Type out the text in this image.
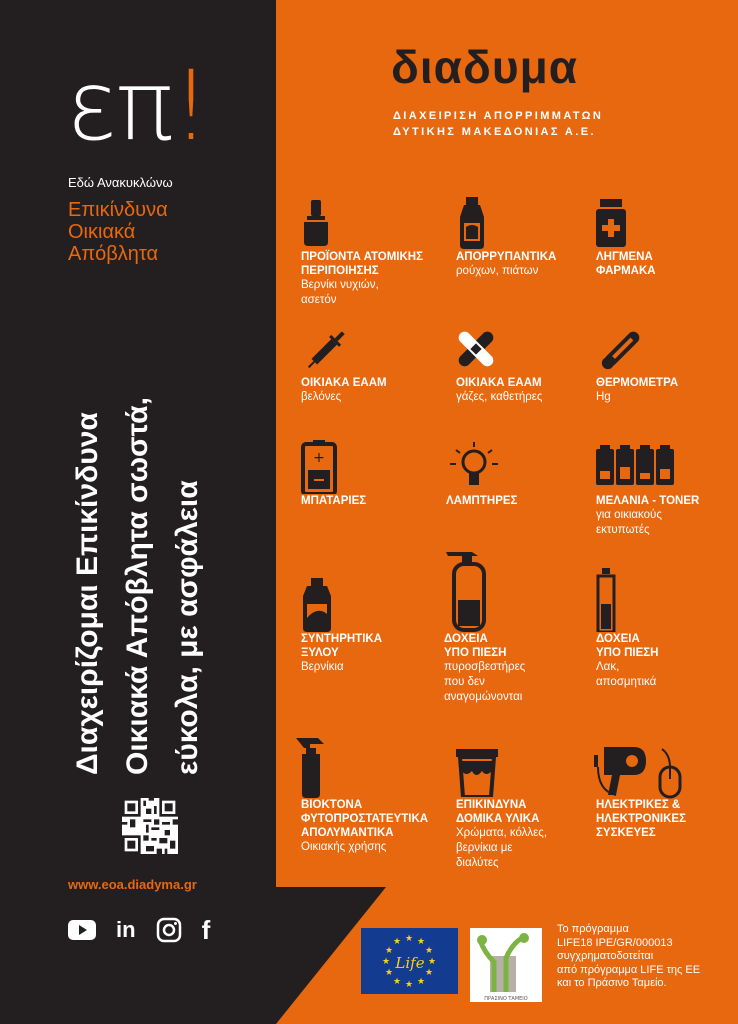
επ!
Εδώ Ανακυκλώνω
Επικίνδυνα
Οικιακά
Απόβλητα
Διαχειρίζομαι Επικίνδυνα Οικιακά Απόβλητα σωστά, εύκολα, με ασφάλεια
www.eoa.diadyma.gr
in	f
διαδυμα
ΔΙΑΧΕΙΡΙΣΗ ΑΠΟΡΡΙΜΜΑΤΩΝ
ΔΥΤΙΚΗΣ ΜΑΚΕΔΟΝΙΑΣ Α.Ε.
ΠΡΟΪΟΝΤΑ ΑΤΟΜΙΚΗΣ
ΠΕΡΙΠΟΙΗΣΗΣ
Βερνίκι νυχιών,
ασετόν
ΑΠΟΡΡΥΠΑΝΤΙΚΑ
ρούχων, πιάτων
ΛΗΓΜΕΝΑ
ΦΑΡΜΑΚΑ
ΟΙΚΙΑΚΑ ΕΑΑΜ
βελόνες
ΟΙΚΙΑΚΑ ΕΑΑΜ
γάζες, καθετήρες
ΘΕΡΜΟΜΕΤΡΑ
Hg
+
ΜΠΑΤΑΡΙΕΣ	ΛΑΜΠΤΗΡΕΣ	ΜΕΛΑΝΙΑ - TONER
για οικιακούς
εκτυπωτές
ΣΥΝΤΗΡΗΤΙΚΑ
ΞΥΛΟΥ
Βερνίκια
ΔΟΧΕΙΑ
ΥΠΟ ΠΙΕΣΗ
πυροσβεστήρες
που δεν
αναγομώνονται
ΔΟΧΕΙΑ
ΥΠΟ ΠΙΕΣΗ
Λακ,
αποσμητικά
ΒΙΟΚΤΟΝΑ
ΦΥΤΟΠΡΟΣΤΑΤΕΥΤΙΚΑ
ΑΠΟΛΥΜΑΝΤΙΚΑ
Οικιακής χρήσης
ΕΠΙΚΙΝΔΥΝΑ
ΔΟΜΙΚΑ ΥΛΙΚΑ
Χρώματα, κόλλες,
βερνίκια με
διαλύτες
ΗΛΕΚΤΡΙΚΕΣ &
ΗΛΕΚΤΡΟΝΙΚΕΣ
ΣΥΣΚΕΥΕΣ
★ ★
★
★
★
★
★
★
★
★
★
★
Life
ΠΡΑΣΙΝΟ ΤΑΜΕΙΟ
Το πρόγραμμα
LIFE18 IPE/GR/000013
συγχρηματοδοτείται
από πρόγραμμα LIFE της ΕΕ
και το Πράσινο Ταμείο.
